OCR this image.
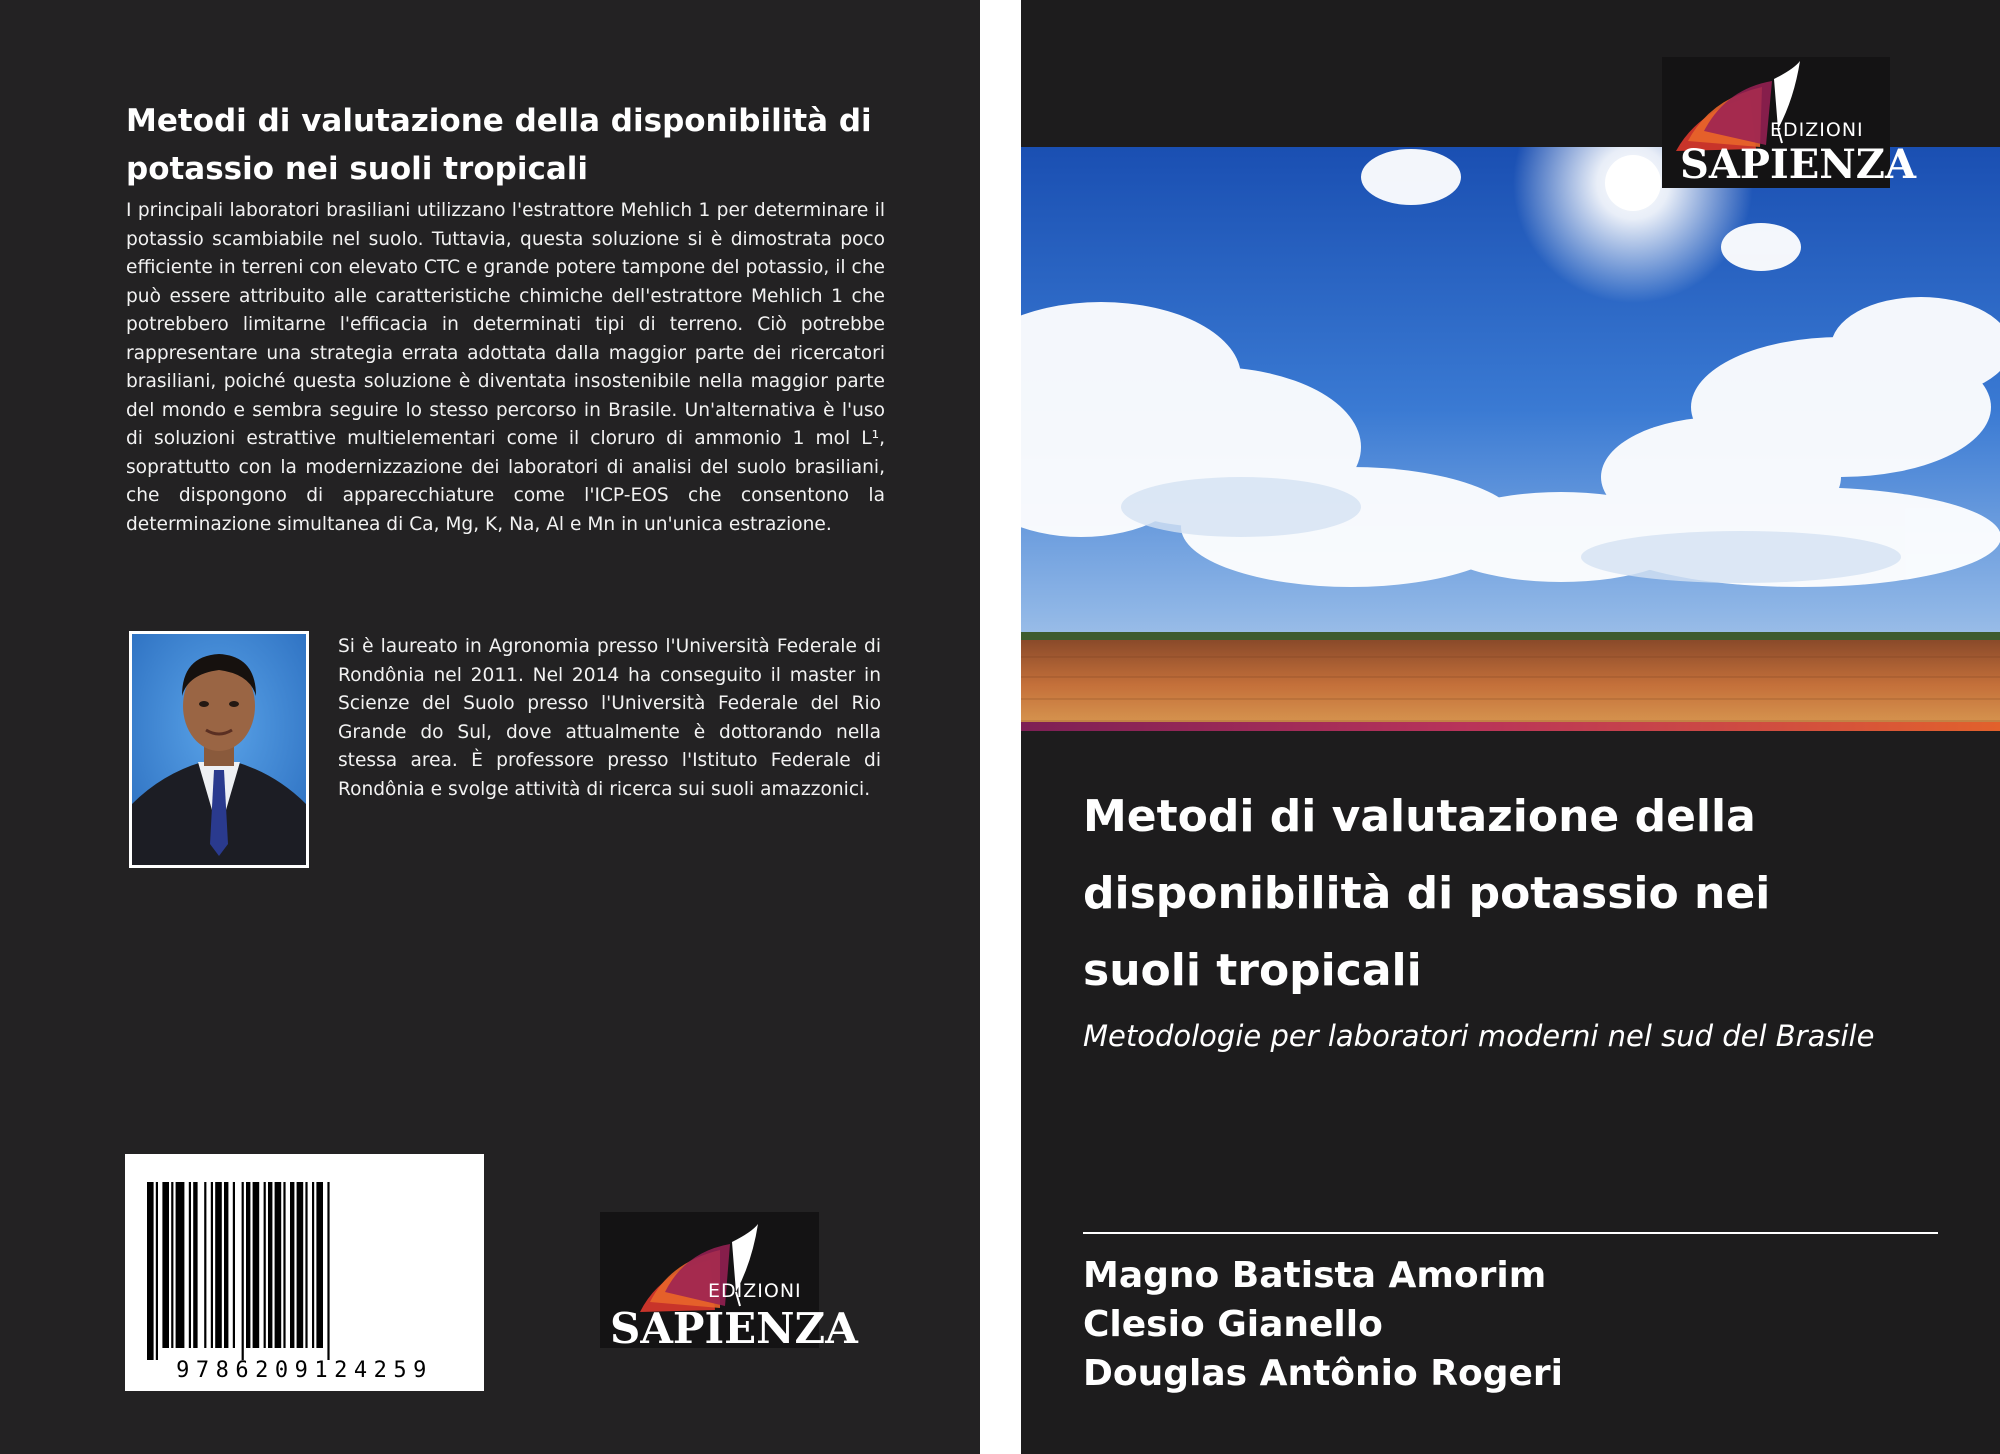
Metodi di valutazione della disponibilità di potassio nei suoli tropicali
I principali laboratori brasiliani utilizzano l'estrattore Mehlich 1 per determinare il potassio scambiabile nel suolo. Tuttavia, questa soluzione si è dimostrata poco efficiente in terreni con elevato CTC e grande potere tampone del potassio, il che può essere attribuito alle caratteristiche chimiche dell'estrattore Mehlich 1 che potrebbero limitarne l'efficacia in determinati tipi di terreno. Ciò potrebbe rappresentare una strategia errata adottata dalla maggior parte dei ricercatori brasiliani, poiché questa soluzione è diventata insostenibile nella maggior parte del mondo e sembra seguire lo stesso percorso in Brasile. Un'alternativa è l'uso di soluzioni estrattive multielementari come il cloruro di ammonio 1 mol L¹, soprattutto con la modernizzazione dei laboratori di analisi del suolo brasiliani, che dispongono di apparecchiature come l'ICP-EOS che consentono la determinazione simultanea di Ca, Mg, K, Na, Al e Mn in un'unica estrazione.
Si è laureato in Agronomia presso l'Università Federale di Rondônia nel 2011. Nel 2014 ha conseguito il master in Scienze del Suolo presso l'Università Federale del Rio Grande do Sul, dove attualmente è dottorando nella stessa area. È professore presso l'Istituto Federale di Rondônia e svolge attività di ricerca sui suoli amazzonici.
9786209124259
EDIZIONI
SAPIENZA
EDIZIONI
SAPIENZA
Metodi di valutazione della
disponibilità di potassio nei
suoli tropicali
Metodologie per laboratori moderni nel sud del Brasile
Magno Batista Amorim
Clesio Gianello
Douglas Antônio Rogeri
